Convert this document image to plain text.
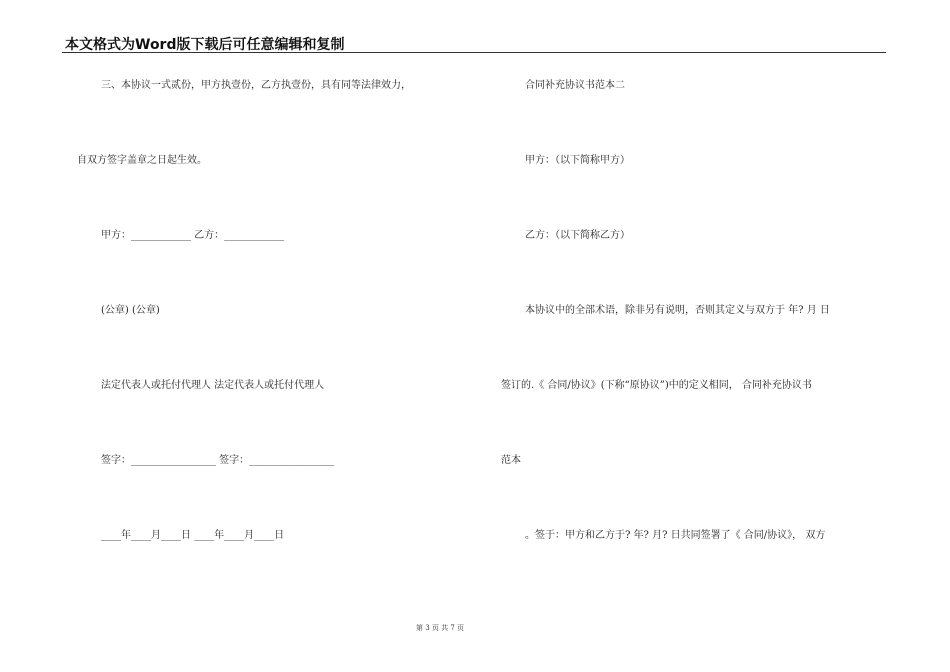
本文格式为Word版下载后可任意编辑和复制
三、本协议一式贰份，甲方执壹份，乙方执壹份，具有同等法律效力，
自双方签字盖章之日起生效。
甲方：____________ 乙方：____________
(公章) (公章)
法定代表人或托付代理人 法定代表人或托付代理人
签字：_________________ 签字：_________________
____年____月____日 ____年____月____日
合同补充协议书范本二
甲方：（以下简称甲方）
乙方：（以下简称乙方）
本协议中的全部术语，除非另有说明，否则其定义与双方于 年? 月 日
签订的.《 合同/协议》(下称“原协议”)中的定义相同， 合同补充协议书
范本
。签于：甲方和乙方于? 年? 月? 日共同签署了《 合同/协议》， 双方
第 3 页 共 7 页
